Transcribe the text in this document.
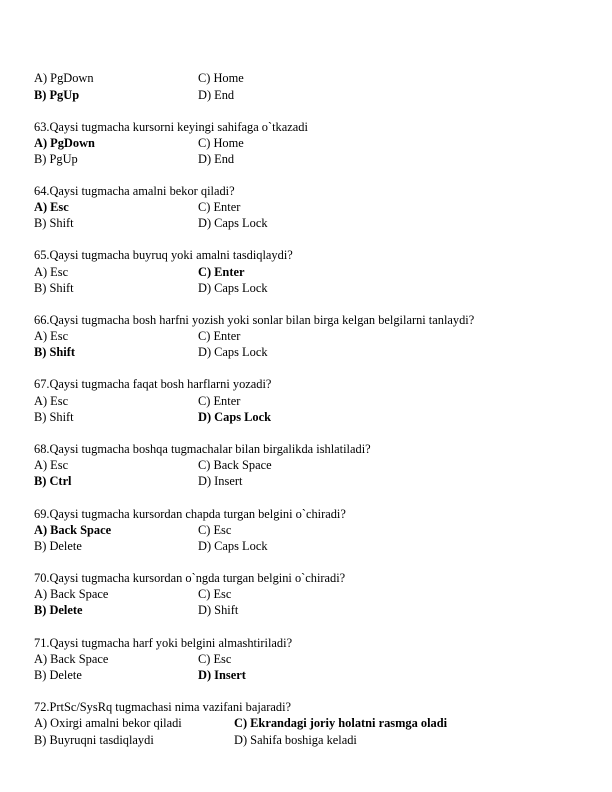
A) PgDown	C) Home
B) PgUp	D) End
63.Qaysi tugmacha kursorni keyingi sahifaga o`tkazadi
A) PgDown	C) Home
B) PgUp	D) End
64.Qaysi tugmacha amalni bekor qiladi?
A) Esc	C) Enter
B) Shift	D) Caps Lock
65.Qaysi tugmacha buyruq yoki amalni tasdiqlaydi?
A) Esc	C) Enter
B) Shift	D) Caps Lock
66.Qaysi tugmacha bosh harfni yozish yoki sonlar bilan birga kelgan belgilarni tanlaydi?
A) Esc	C) Enter
B) Shift	D) Caps Lock
67.Qaysi tugmacha faqat bosh harflarni yozadi?
A) Esc	C) Enter
B) Shift	D) Caps Lock
68.Qaysi tugmacha boshqa tugmachalar bilan birgalikda ishlatiladi?
A) Esc	C) Back Space
B) Ctrl	D) Insert
69.Qaysi tugmacha kursordan chapda turgan belgini o`chiradi?
A) Back Space	C) Esc
B) Delete	D) Caps Lock
70.Qaysi tugmacha kursordan o`ngda turgan belgini o`chiradi?
A) Back Space	C) Esc
B) Delete	D) Shift
71.Qaysi tugmacha harf yoki belgini almashtiriladi?
A) Back Space	C) Esc
B) Delete	D) Insert
72.PrtSc/SysRq tugmachasi nima vazifani bajaradi?
A) Oxirgi amalni bekor qiladi	C) Ekrandagi joriy holatni rasmga oladi
B) Buyruqni tasdiqlaydi	D) Sahifa boshiga keladi
